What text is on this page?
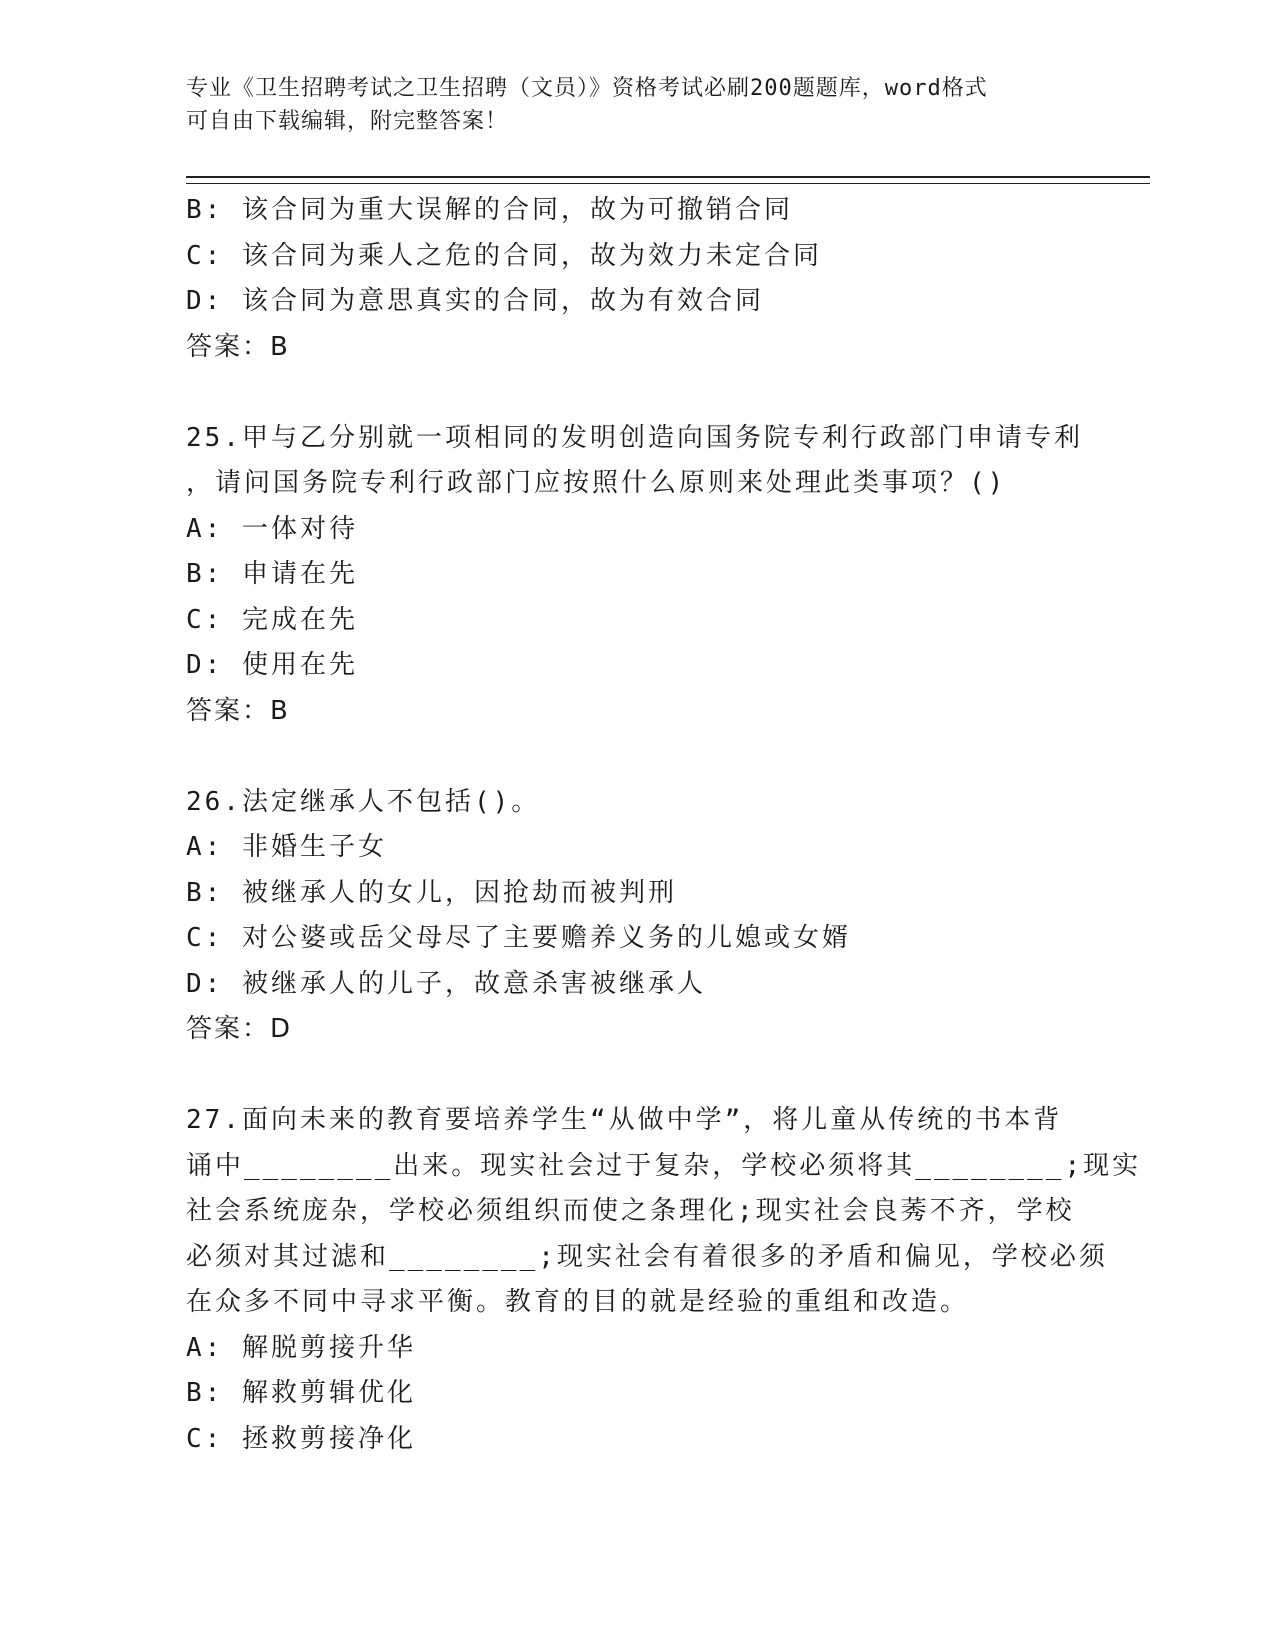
专业《卫生招聘考试之卫生招聘（文员）》资格考试必刷200题题库，word格式
可自由下载编辑，附完整答案！
B: 该合同为重大误解的合同，故为可撤销合同
C: 该合同为乘人之危的合同，故为效力未定合同
D: 该合同为意思真实的合同，故为有效合同
答案：B
25.甲与乙分别就一项相同的发明创造向国务院专利行政部门申请专利
，请问国务院专利行政部门应按照什么原则来处理此类事项？()
A: 一体对待
B: 申请在先
C: 完成在先
D: 使用在先
答案：B
26.法定继承人不包括()。
A: 非婚生子女
B: 被继承人的女儿，因抢劫而被判刑
C: 对公婆或岳父母尽了主要赡养义务的儿媳或女婿
D: 被继承人的儿子，故意杀害被继承人
答案：D
27.面向未来的教育要培养学生“从做中学”，将儿童从传统的书本背
诵中________出来。现实社会过于复杂，学校必须将其________;现实
社会系统庞杂，学校必须组织而使之条理化;现实社会良莠不齐，学校
必须对其过滤和________;现实社会有着很多的矛盾和偏见，学校必须
在众多不同中寻求平衡。教育的目的就是经验的重组和改造。
A: 解脱剪接升华
B: 解救剪辑优化
C: 拯救剪接净化
